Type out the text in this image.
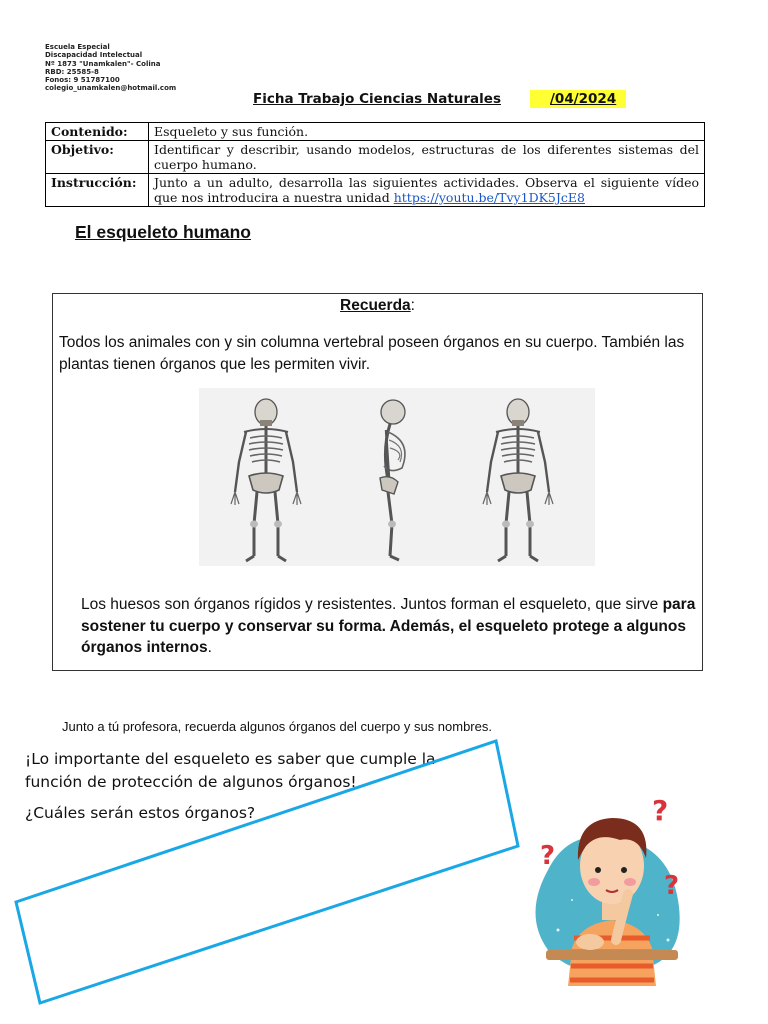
Escuela Especial
Discapacidad Intelectual
Nº 1873 "Unamkalen"- Colina
RBD: 25585-8
Fonos: 9 51787100
colegio_unamkalen@hotmail.com
Ficha Trabajo Ciencias Naturales	/04/2024
Contenido:	Esqueleto y sus función.
Objetivo:	Identificar y describir, usando modelos, estructuras de los diferentes sistemas del cuerpo humano.
Instrucción:	Junto a un adulto, desarrolla las siguientes actividades. Observa el siguiente vídeo que nos introducira a nuestra unidad https://youtu.be/Tvy1DK5JcE8
El esqueleto humano
Recuerda:
Todos los animales con y sin columna vertebral poseen órganos en su cuerpo. También las plantas tienen órganos que les permiten vivir.
Los huesos son órganos rígidos y resistentes. Juntos forman el esqueleto, que sirve para sostener tu cuerpo y conservar su forma. Además, el esqueleto protege a algunos órganos internos.
Junto a tú profesora, recuerda algunos órganos del cuerpo y sus nombres.
¡Lo importante del esqueleto es saber que cumple la
función de protección de algunos órganos!
¿Cuáles serán estos órganos?	?
?
?
